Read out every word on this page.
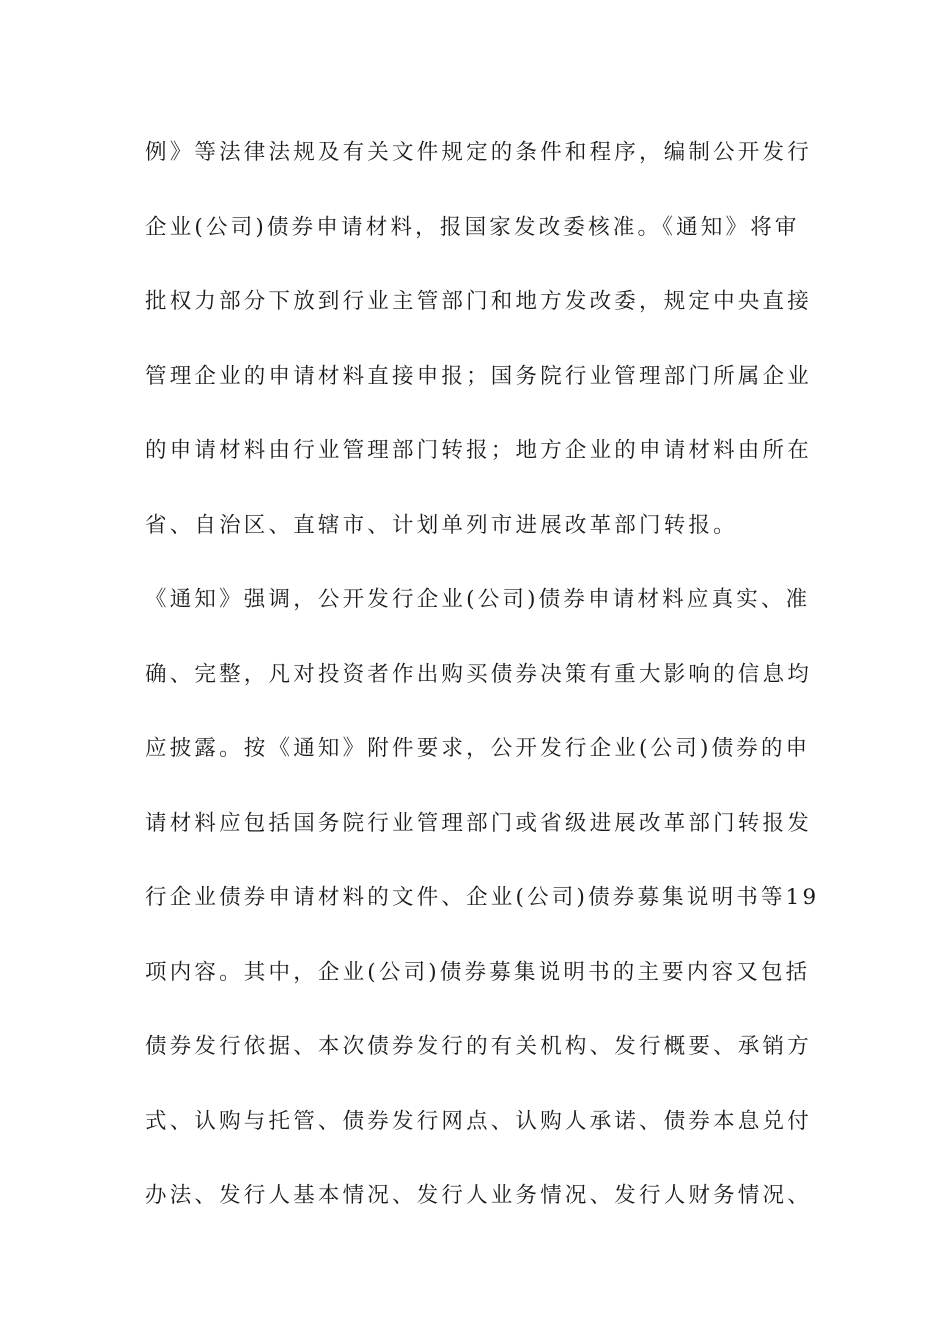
例》等法律法规及有关文件规定的条件和程序，编制公开发行
企业(公司)债券申请材料，报国家发改委核准。《通知》将审
批权力部分下放到行业主管部门和地方发改委，规定中央直接
管理企业的申请材料直接申报；国务院行业管理部门所属企业
的申请材料由行业管理部门转报；地方企业的申请材料由所在
省、自治区、直辖市、计划单列市进展改革部门转报。
《通知》强调，公开发行企业(公司)债券申请材料应真实、准
确、完整，凡对投资者作出购买债券决策有重大影响的信息均
应披露。按《通知》附件要求，公开发行企业(公司)债券的申
请材料应包括国务院行业管理部门或省级进展改革部门转报发
行企业债券申请材料的文件、企业(公司)债券募集说明书等19
项内容。其中，企业(公司)债券募集说明书的主要内容又包括
债券发行依据、本次债券发行的有关机构、发行概要、承销方
式、认购与托管、债券发行网点、认购人承诺、债券本息兑付
办法、发行人基本情况、发行人业务情况、发行人财务情况、
